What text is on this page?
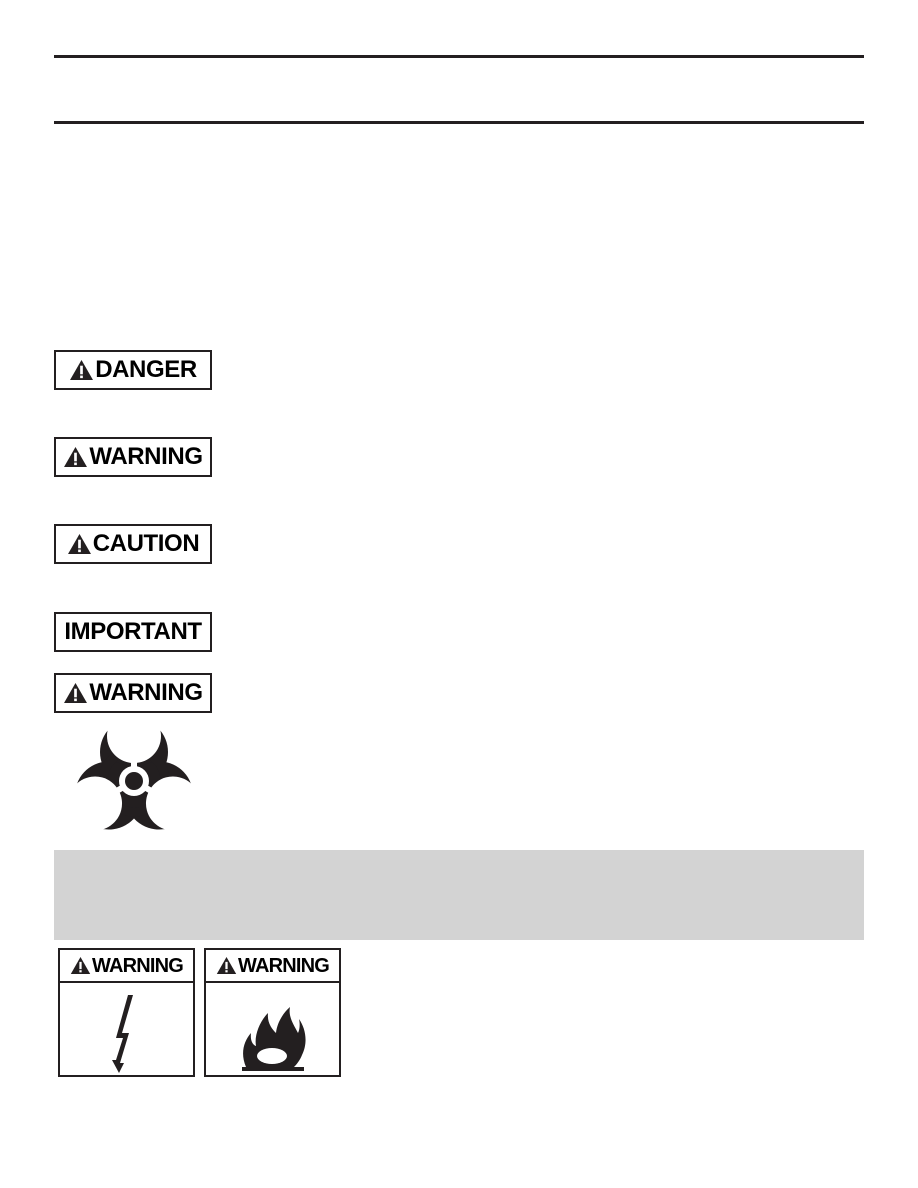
DANGER
WARNING
CAUTION
IMPORTANT
WARNING
WARNING	WARNING
